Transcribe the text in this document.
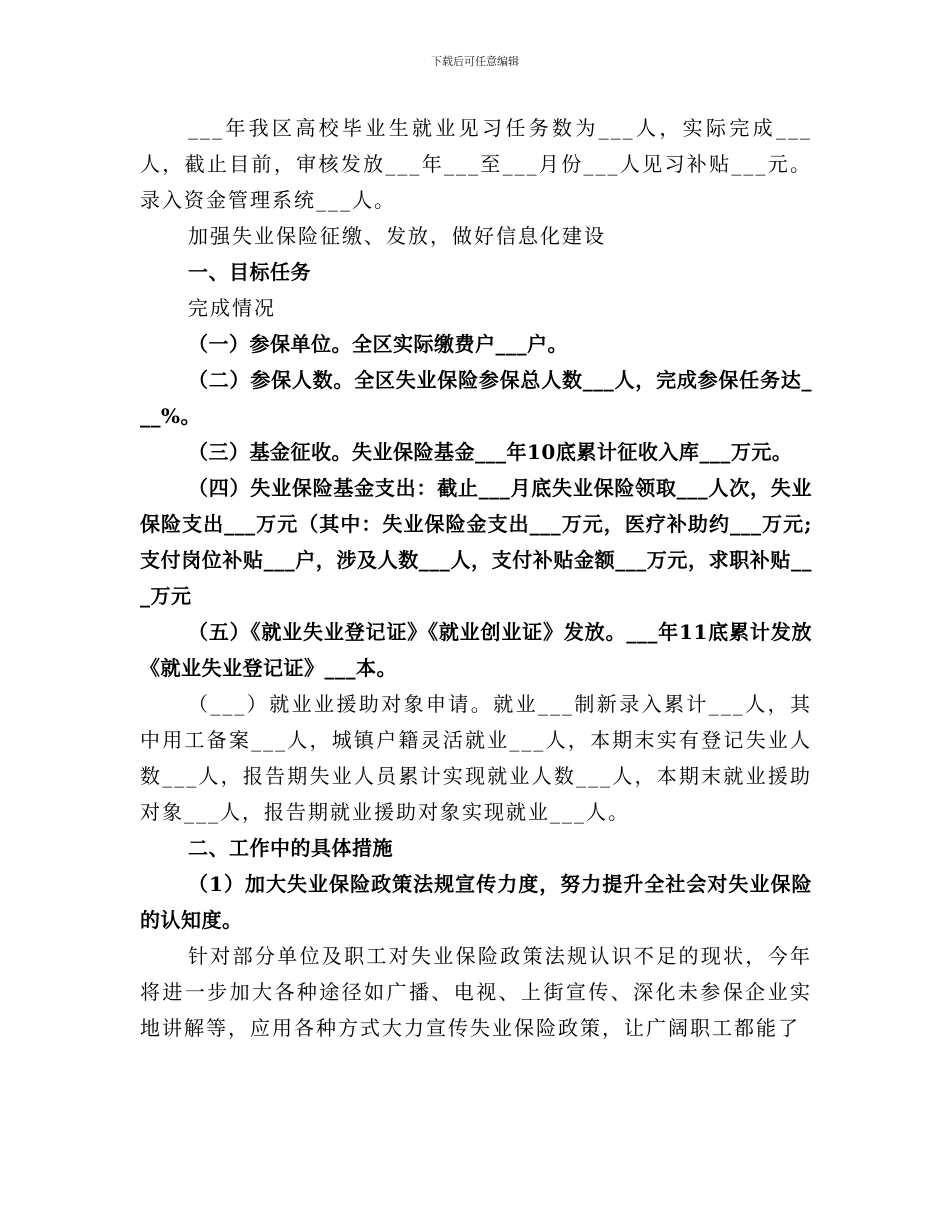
下载后可任意编辑

___年我区高校毕业生就业见习任务数为___人，实际完成___人，截止目前，审核发放___年___至___月份___人见习补贴___元。录入资金管理系统___人。

加强失业保险征缴、发放，做好信息化建设

一、目标任务

完成情况

（一）参保单位。全区实际缴费户___户。

（二）参保人数。全区失业保险参保总人数___人，完成参保任务达___%。

（三）基金征收。失业保险基金___年10底累计征收入库___万元。

（四）失业保险基金支出：截止___月底失业保险领取___人次，失业保险支出___万元（其中：失业保险金支出___万元，医疗补助约___万元;支付岗位补贴___户，涉及人数___人，支付补贴金额___万元，求职补贴___万元

（五）《就业失业登记证》《就业创业证》发放。___年11底累计发放《就业失业登记证》___本。

（___）就业业援助对象申请。就业___制新录入累计___人，其中用工备案___人，城镇户籍灵活就业___人，本期末实有登记失业人数___人，报告期失业人员累计实现就业人数___人，本期末就业援助对象___人，报告期就业援助对象实现就业___人。

二、工作中的具体措施

（1）加大失业保险政策法规宣传力度，努力提升全社会对失业保险的认知度。

针对部分单位及职工对失业保险政策法规认识不足的现状，今年将进一步加大各种途径如广播、电视、上街宣传、深化未参保企业实地讲解等，应用各种方式大力宣传失业保险政策，让广阔职工都能了
